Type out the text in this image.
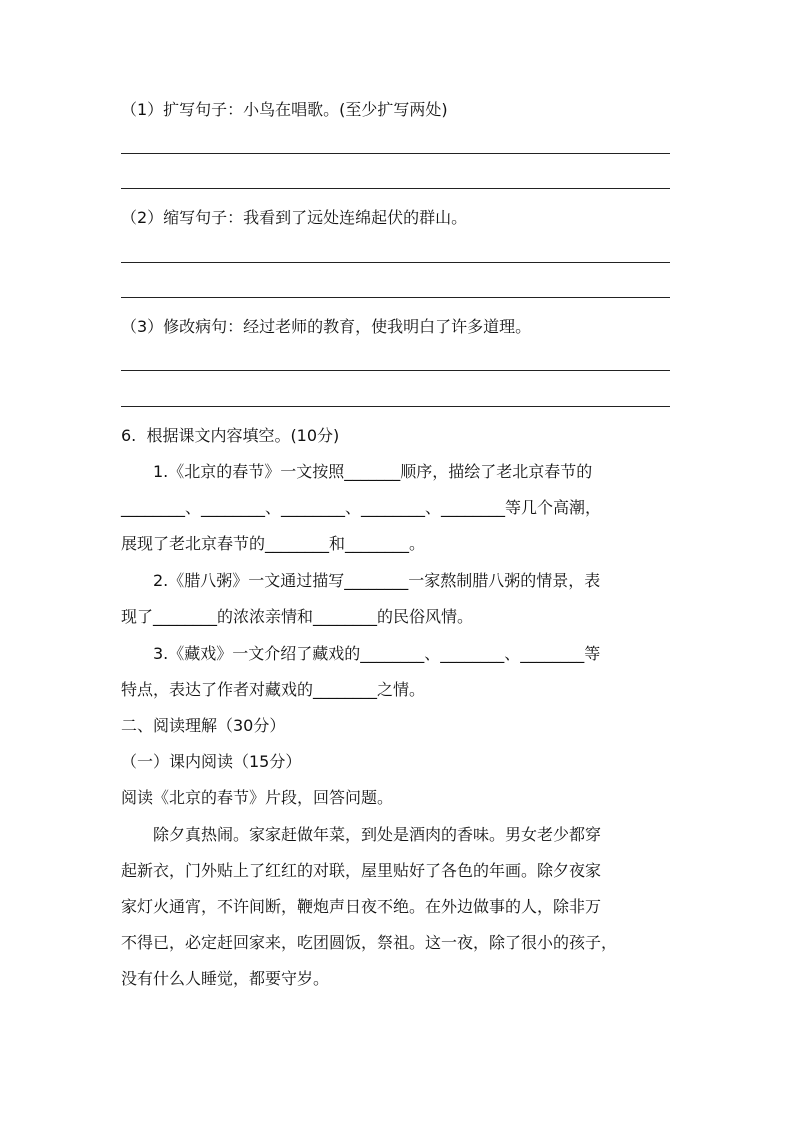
（1）扩写句子：小鸟在唱歌。(至少扩写两处)
（2）缩写句子：我看到了远处连绵起伏的群山。
（3）修改病句：经过老师的教育，使我明白了许多道理。
6.  根据课文内容填空。(10分)
1.《北京的春节》一文按照_______顺序，描绘了老北京春节的
________、________、________、________、________等几个高潮，
展现了老北京春节的________和________。
2.《腊八粥》一文通过描写________一家熬制腊八粥的情景，表
现了________的浓浓亲情和________的民俗风情。
3.《藏戏》一文介绍了藏戏的________、________、________等
特点，表达了作者对藏戏的________之情。
二、阅读理解（30分）
（一）课内阅读（15分）
阅读《北京的春节》片段，回答问题。
除夕真热闹。家家赶做年菜，到处是酒肉的香味。男女老少都穿
起新衣，门外贴上了红红的对联，屋里贴好了各色的年画。除夕夜家
家灯火通宵，不许间断，鞭炮声日夜不绝。在外边做事的人，除非万
不得已，必定赶回家来，吃团圆饭，祭祖。这一夜，除了很小的孩子，
没有什么人睡觉，都要守岁。
